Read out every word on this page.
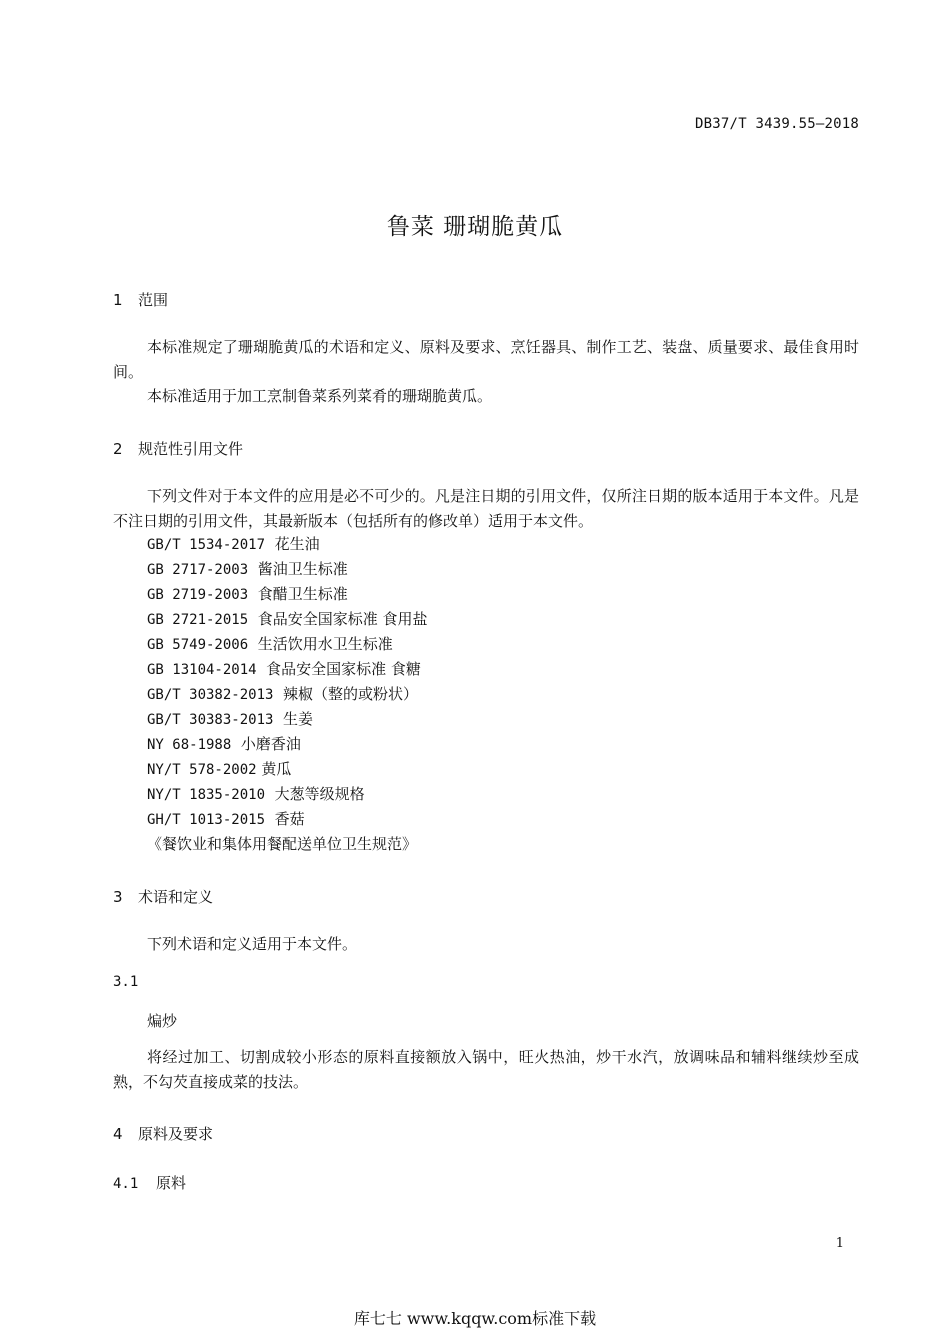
DB37/T 3439.55—2018
鲁菜 珊瑚脆黄瓜
1 范围
本标准规定了珊瑚脆黄瓜的术语和定义、原料及要求、烹饪器具、制作工艺、装盘、质量要求、最佳食用时间。
本标准适用于加工烹制鲁菜系列菜肴的珊瑚脆黄瓜。
2 规范性引用文件
下列文件对于本文件的应用是必不可少的。凡是注日期的引用文件，仅所注日期的版本适用于本文件。凡是不注日期的引用文件，其最新版本（包括所有的修改单）适用于本文件。
GB/T 1534-2017 花生油
GB 2717-2003 酱油卫生标准
GB 2719-2003 食醋卫生标准
GB 2721-2015 食品安全国家标准 食用盐
GB 5749-2006 生活饮用水卫生标准
GB 13104-2014 食品安全国家标准 食糖
GB/T 30382-2013 辣椒（整的或粉状）
GB/T 30383-2013 生姜
NY 68-1988 小磨香油
NY/T 578-2002 黄瓜
NY/T 1835-2010 大葱等级规格
GH/T 1013-2015 香菇
《餐饮业和集体用餐配送单位卫生规范》
3 术语和定义
下列术语和定义适用于本文件。
3.1
煸炒
将经过加工、切割成较小形态的原料直接额放入锅中，旺火热油，炒干水汽，放调味品和辅料继续炒至成熟，不勾芡直接成菜的技法。
4 原料及要求
4.1 原料
1
库七七 www.kqqw.com标准下载
